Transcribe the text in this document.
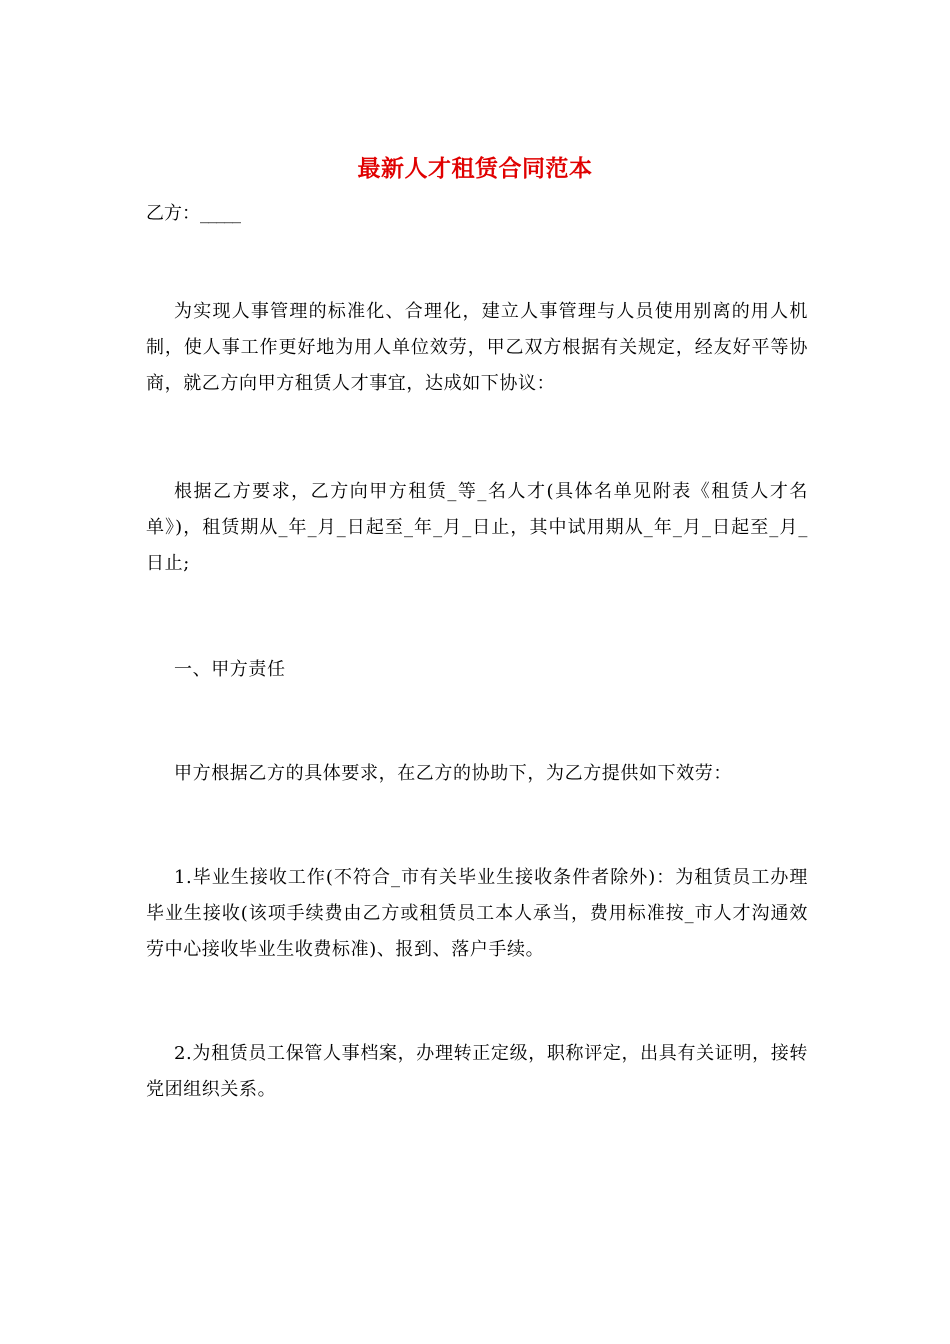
最新人才租赁合同范本
乙方：_____

为实现人事管理的标准化、合理化，建立人事管理与人员使用别离的用人机制，使人事工作更好地为用人单位效劳，甲乙双方根据有关规定，经友好平等协商，就乙方向甲方租赁人才事宜，达成如下协议：

根据乙方要求，乙方向甲方租赁_等_名人才(具体名单见附表《租赁人才名单》)，租赁期从_年_月_日起至_年_月_日止，其中试用期从_年_月_日起至_月_日止;

一、甲方责任

甲方根据乙方的具体要求，在乙方的协助下，为乙方提供如下效劳：

1.毕业生接收工作(不符合_市有关毕业生接收条件者除外)：为租赁员工办理毕业生接收(该项手续费由乙方或租赁员工本人承当，费用标准按_市人才沟通效劳中心接收毕业生收费标准)、报到、落户手续。

2.为租赁员工保管人事档案，办理转正定级，职称评定，出具有关证明，接转党团组织关系。
